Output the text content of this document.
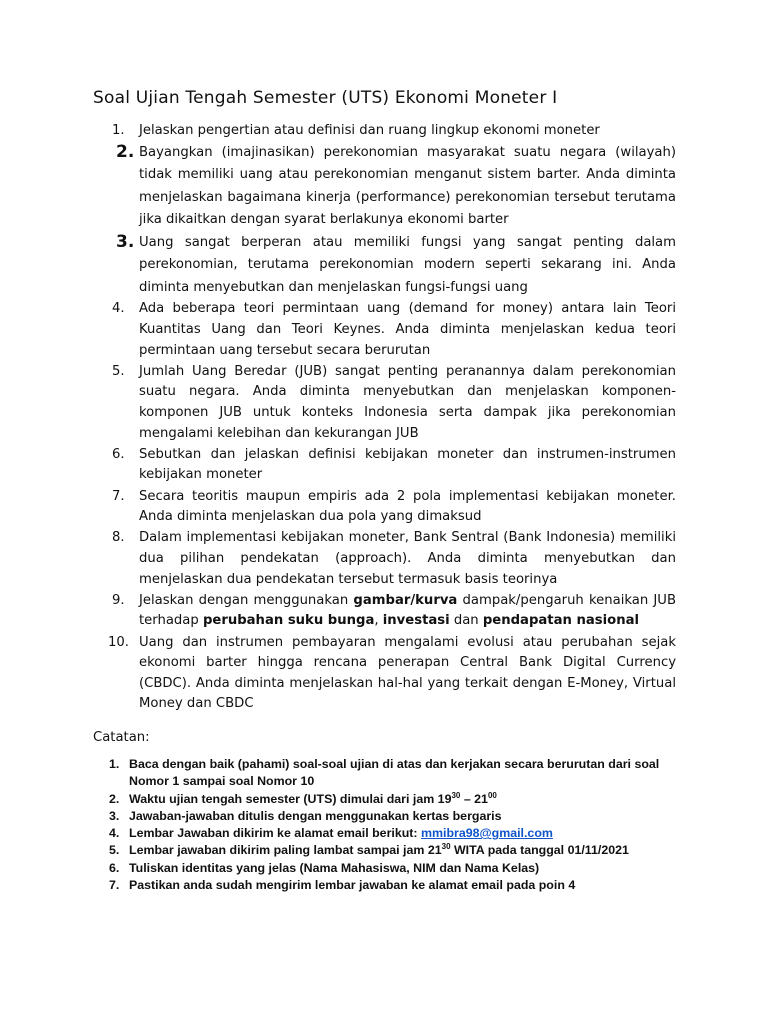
Soal Ujian Tengah Semester (UTS) Ekonomi Moneter I
1. Jelaskan pengertian atau definisi dan ruang lingkup ekonomi moneter
2. Bayangkan (imajinasikan) perekonomian masyarakat suatu negara (wilayah) tidak memiliki uang atau perekonomian menganut sistem barter. Anda diminta menjelaskan bagaimana kinerja (performance) perekonomian tersebut terutama jika dikaitkan dengan syarat berlakunya ekonomi barter
3. Uang sangat berperan atau memiliki fungsi yang sangat penting dalam perekonomian, terutama perekonomian modern seperti sekarang ini. Anda diminta menyebutkan dan menjelaskan fungsi-fungsi uang
4. Ada beberapa teori permintaan uang (demand for money) antara lain Teori Kuantitas Uang dan Teori Keynes. Anda diminta menjelaskan kedua teori permintaan uang tersebut secara berurutan
5. Jumlah Uang Beredar (JUB) sangat penting peranannya dalam perekonomian suatu negara. Anda diminta menyebutkan dan menjelaskan komponen-komponen JUB untuk konteks Indonesia serta dampak jika perekonomian mengalami kelebihan dan kekurangan JUB
6. Sebutkan dan jelaskan definisi kebijakan moneter dan instrumen-instrumen kebijakan moneter
7. Secara teoritis maupun empiris ada 2 pola implementasi kebijakan moneter. Anda diminta menjelaskan dua pola yang dimaksud
8. Dalam implementasi kebijakan moneter, Bank Sentral (Bank Indonesia) memiliki dua pilihan pendekatan (approach). Anda diminta menyebutkan dan menjelaskan dua pendekatan tersebut termasuk basis teorinya
9. Jelaskan dengan menggunakan gambar/kurva dampak/pengaruh kenaikan JUB terhadap perubahan suku bunga, investasi dan pendapatan nasional
10. Uang dan instrumen pembayaran mengalami evolusi atau perubahan sejak ekonomi barter hingga rencana penerapan Central Bank Digital Currency (CBDC). Anda diminta menjelaskan hal-hal yang terkait dengan E-Money, Virtual Money dan CBDC

Catatan:

1. Baca dengan baik (pahami) soal-soal ujian di atas dan kerjakan secara berurutan dari soal Nomor 1 sampai soal Nomor 10
2. Waktu ujian tengah semester (UTS) dimulai dari jam $19^{30} - 21^{00}$
3. Jawaban-jawaban ditulis dengan menggunakan kertas bergaris
4. Lembar Jawaban dikirim ke alamat email berikut: mmibra98@gmail.com
5. Lembar jawaban dikirim paling lambat sampai jam $21^{30}$ WITA pada tanggal 01/11/2021
6. Tuliskan identitas yang jelas (Nama Mahasiswa, NIM dan Nama Kelas)
7. Pastikan anda sudah mengirim lembar jawaban ke alamat email pada poin 4
